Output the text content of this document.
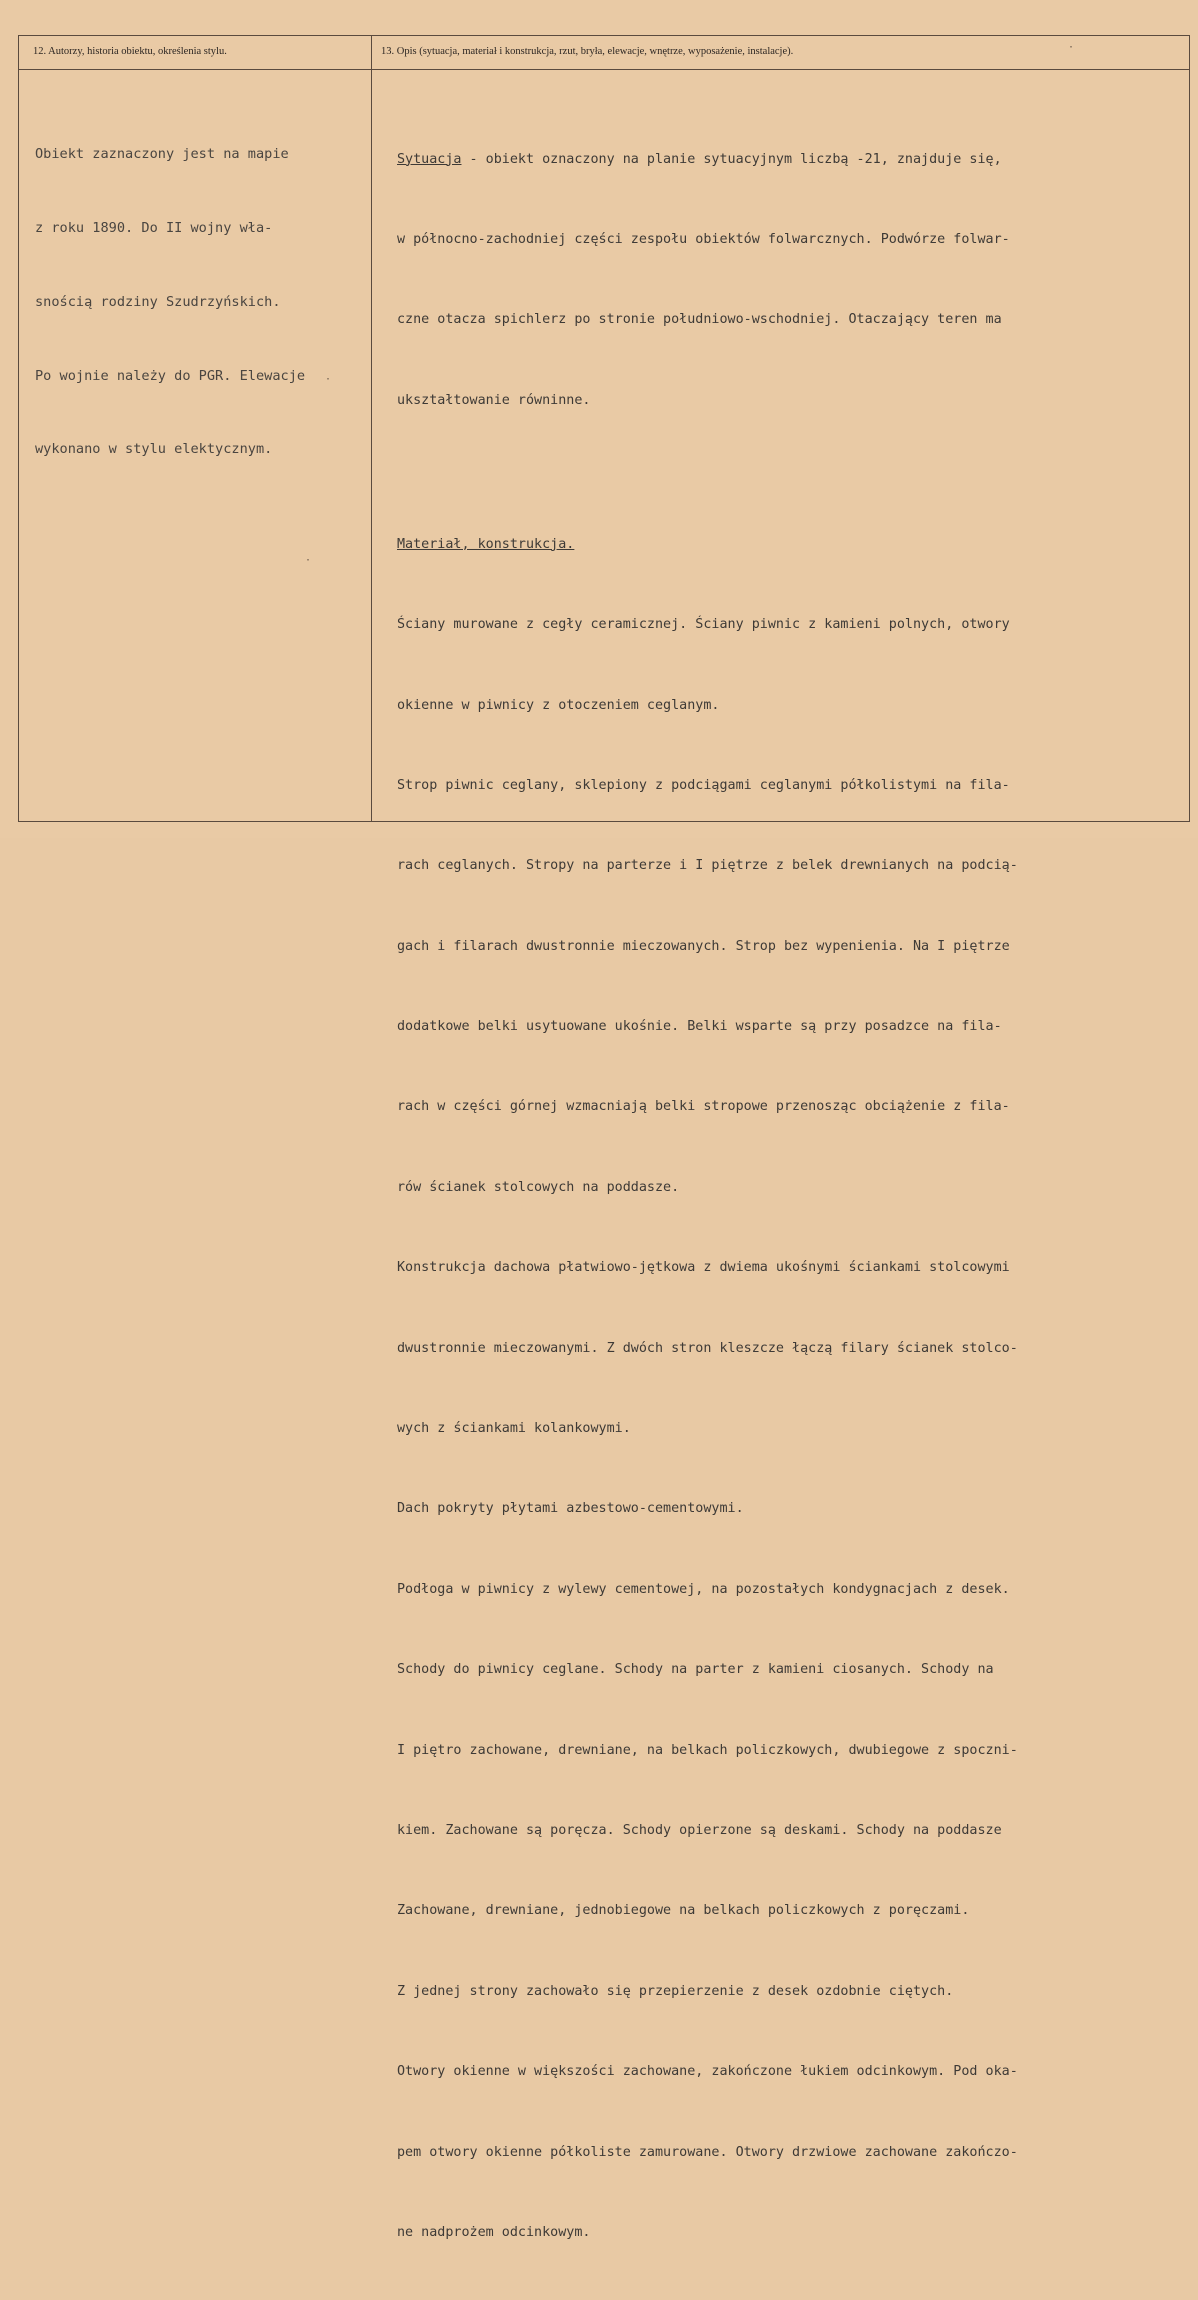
12. Autorzy, historia obiektu, określenia stylu.	13. Opis (sytuacja, materiał i konstrukcja, rzut, bryła, elewacje, wnętrze, wyposażenie, instalacje).

Obiekt zaznaczony jest na mapie

z roku 1890. Do II wojny wła-

snością rodziny Szudrzyńskich.

Po wojnie należy do PGR. Elewacje

wykonano w stylu elektycznym.

Sytuacja - obiekt oznaczony na planie sytuacyjnym liczbą -21, znajduje się,

w północno-zachodniej części zespołu obiektów folwarcznych. Podwórze folwar-

czne otacza spichlerz po stronie południowo-wschodniej. Otaczający teren ma

ukształtowanie równinne.

Materiał, konstrukcja.

Ściany murowane z cegły ceramicznej. Ściany piwnic z kamieni polnych, otwory

okienne w piwnicy z otoczeniem ceglanym.

Strop piwnic ceglany, sklepiony z podciągami ceglanymi półkolistymi na fila-

rach ceglanych. Stropy na parterze i I piętrze z belek drewnianych na podcią-

gach i filarach dwustronnie mieczowanych. Strop bez wypenienia. Na I piętrze

dodatkowe belki usytuowane ukośnie. Belki wsparte są przy posadzce na fila-

rach w części górnej wzmacniają belki stropowe przenosząc obciążenie z fila-

rów ścianek stolcowych na poddasze.

Konstrukcja dachowa płatwiowo-jętkowa z dwiema ukośnymi ściankami stolcowymi

dwustronnie mieczowanymi. Z dwóch stron kleszcze łączą filary ścianek stolco-

wych z ściankami kolankowymi.

Dach pokryty płytami azbestowo-cementowymi.

Podłoga w piwnicy z wylewy cementowej, na pozostałych kondygnacjach z desek.

Schody do piwnicy ceglane. Schody na parter z kamieni ciosanych. Schody na

I piętro zachowane, drewniane, na belkach policzkowych, dwubiegowe z spoczni-

kiem. Zachowane są poręcza. Schody opierzone są deskami. Schody na poddasze

Zachowane, drewniane, jednobiegowe na belkach policzkowych z poręczami.

Z jednej strony zachowało się przepierzenie z desek ozdobnie ciętych.

Otwory okienne w większości zachowane, zakończone łukiem odcinkowym. Pod oka-

pem otwory okienne półkoliste zamurowane. Otwory drzwiowe zachowane zakończo-

ne nadprożem odcinkowym.

·
·
·
